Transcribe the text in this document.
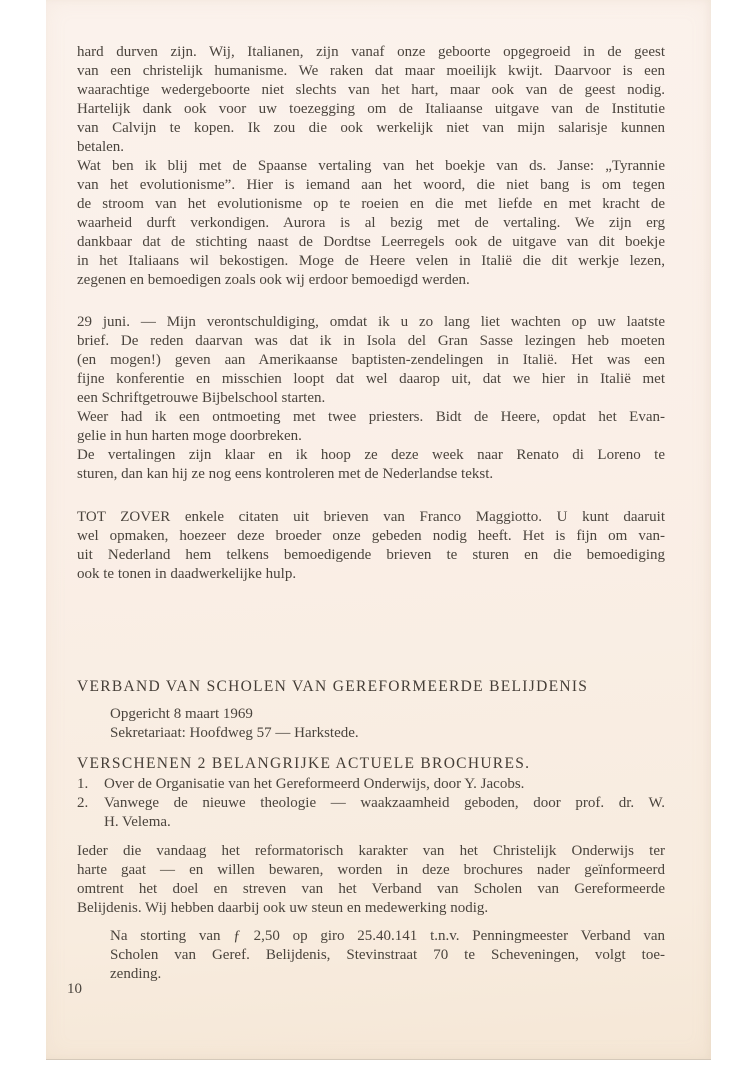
hard durven zijn. Wij, Italianen, zijn vanaf onze geboorte opgegroeid in de geest
van een christelijk humanisme. We raken dat maar moeilijk kwijt. Daarvoor is een
waarachtige wedergeboorte niet slechts van het hart, maar ook van de geest nodig.
Hartelijk dank ook voor uw toezegging om de Italiaanse uitgave van de Institutie
van Calvijn te kopen. Ik zou die ook werkelijk niet van mijn salarisje kunnen
betalen.
Wat ben ik blij met de Spaanse vertaling van het boekje van ds. Janse: „Tyrannie
van het evolutionisme”. Hier is iemand aan het woord, die niet bang is om tegen
de stroom van het evolutionisme op te roeien en die met liefde en met kracht de
waarheid durft verkondigen. Aurora is al bezig met de vertaling. We zijn erg
dankbaar dat de stichting naast de Dordtse Leerregels ook de uitgave van dit boekje
in het Italiaans wil bekostigen. Moge de Heere velen in Italië die dit werkje lezen,
zegenen en bemoedigen zoals ook wij erdoor bemoedigd werden.
29 juni. — Mijn verontschuldiging, omdat ik u zo lang liet wachten op uw laatste
brief. De reden daarvan was dat ik in Isola del Gran Sasse lezingen heb moeten
(en mogen!) geven aan Amerikaanse baptisten-zendelingen in Italië. Het was een
fijne konferentie en misschien loopt dat wel daarop uit, dat we hier in Italië met
een Schriftgetrouwe Bijbelschool starten.
Weer had ik een ontmoeting met twee priesters. Bidt de Heere, opdat het Evan-
gelie in hun harten moge doorbreken.
De vertalingen zijn klaar en ik hoop ze deze week naar Renato di Loreno te
sturen, dan kan hij ze nog eens kontroleren met de Nederlandse tekst.
TOT ZOVER enkele citaten uit brieven van Franco Maggiotto. U kunt daaruit
wel opmaken, hoezeer deze broeder onze gebeden nodig heeft. Het is fijn om van-
uit Nederland hem telkens bemoedigende brieven te sturen en die bemoediging
ook te tonen in daadwerkelijke hulp.
VERBAND VAN SCHOLEN VAN GEREFORMEERDE BELIJDENIS
Opgericht 8 maart 1969
Sekretariaat: Hoofdweg 57 — Harkstede.
VERSCHENEN 2 BELANGRIJKE ACTUELE BROCHURES.
1.	Over de Organisatie van het Gereformeerd Onderwijs, door Y. Jacobs.
2.	Vanwege de nieuwe theologie — waakzaamheid geboden, door prof. dr. W.
H. Velema.
Ieder die vandaag het reformatorisch karakter van het Christelijk Onderwijs ter
harte gaat — en willen bewaren, worden in deze brochures nader geïnformeerd
omtrent het doel en streven van het Verband van Scholen van Gereformeerde
Belijdenis. Wij hebben daarbij ook uw steun en medewerking nodig.
Na storting van ƒ 2,50 op giro 25.40.141 t.n.v. Penningmeester Verband van
Scholen van Geref. Belijdenis, Stevinstraat 70 te Scheveningen, volgt toe-
zending.
10
